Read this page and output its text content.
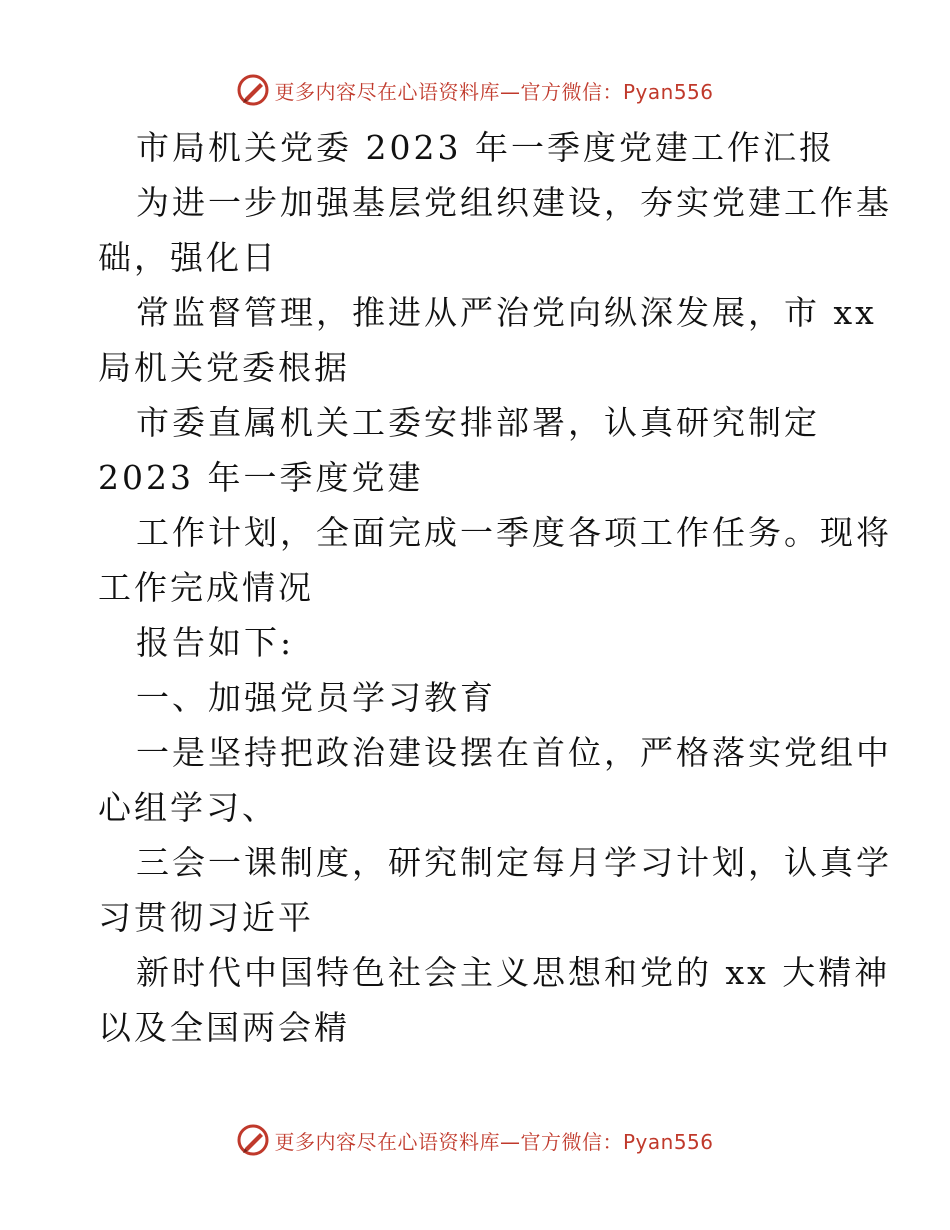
更多内容尽在心语资料库—官方微信：Pyan556
市局机关党委 2023 年一季度党建工作汇报
为进一步加强基层党组织建设，夯实党建工作基
础，强化日
常监督管理，推进从严治党向纵深发展，市 xx
局机关党委根据
市委直属机关工委安排部署，认真研究制定
2023 年一季度党建
工作计划，全面完成一季度各项工作任务。现将
工作完成情况
报告如下:
一、加强党员学习教育
一是坚持把政治建设摆在首位，严格落实党组中
心组学习、
三会一课制度，研究制定每月学习计划，认真学
习贯彻习近平
新时代中国特色社会主义思想和党的 xx 大精神
以及全国两会精
更多内容尽在心语资料库—官方微信：Pyan556
